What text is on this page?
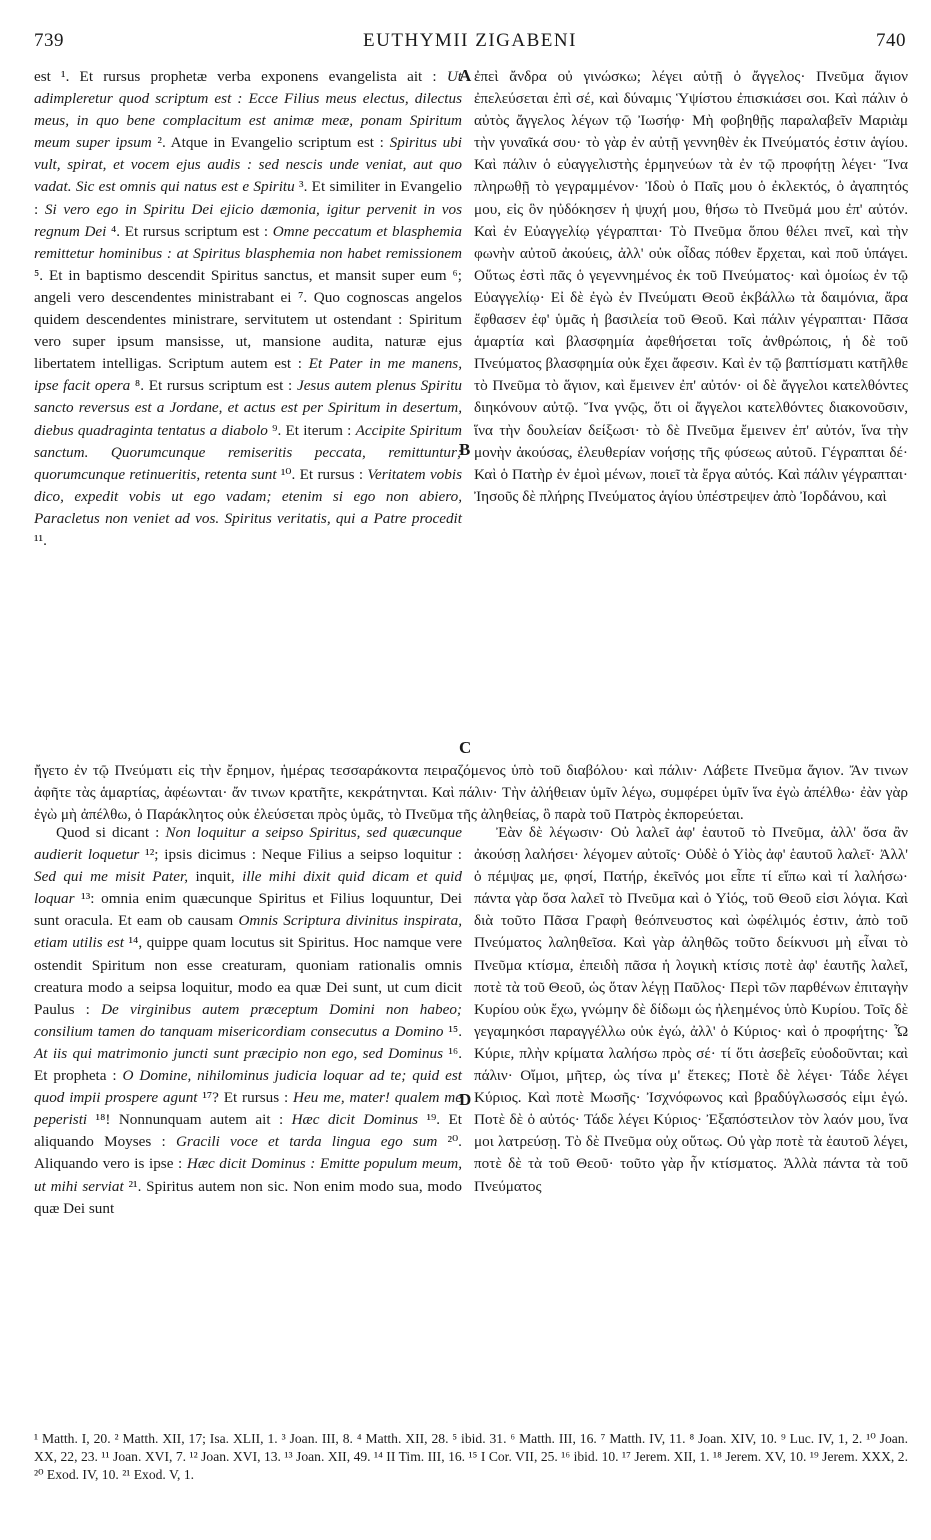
739	EUTHYMII ZIGABENI	740
A
B
C
D

est ¹. Et rursus prophetæ verba exponens evangelista ait : Ut adimpleretur quod scriptum est : Ecce Filius meus electus, dilectus meus, in quo bene complacitum est animæ meæ, ponam Spiritum meum super ipsum ². Atque in Evangelio scriptum est : Spiritus ubi vult, spirat, et vocem ejus audis : sed nescis unde veniat, aut quo vadat. Sic est omnis qui natus est e Spiritu ³. Et similiter in Evangelio : Si vero ego in Spiritu Dei ejicio dæmonia, igitur pervenit in vos regnum Dei ⁴. Et rursus scriptum est : Omne peccatum et blasphemia remittetur hominibus : at Spiritus blasphemia non habet remissionem ⁵. Et in baptismo descendit Spiritus sanctus, et mansit super eum ⁶; angeli vero descendentes ministrabant ei ⁷. Quo cognoscas angelos quidem descendentes ministrare, servitutem ut ostendant : Spiritum vero super ipsum mansisse, ut, mansione audita, naturæ ejus libertatem intelligas. Scriptum autem est : Et Pater in me manens, ipse facit opera ⁸. Et rursus scriptum est : Jesus autem plenus Spiritu sancto reversus est a Jordane, et actus est per Spiritum in desertum, diebus quadraginta tentatus a diabolo ⁹. Et iterum : Accipite Spiritum sanctum. Quorumcunque remiseritis peccata, remittuntur; quorumcunque retinueritis, retenta sunt ¹⁰. Et rursus : Veritatem vobis dico, expedit vobis ut ego vadam; etenim si ego non abiero, Paracletus non veniet ad vos. Spiritus veritatis, qui a Patre procedit ¹¹.

ἐπεὶ ἄνδρα οὐ γινώσκω; λέγει αὐτῇ ὁ ἄγγελος· Πνεῦμα ἅγιον ἐπελεύσεται ἐπὶ σέ, καὶ δύναμις Ὑψίστου ἐπισκιάσει σοι. Καὶ πάλιν ὁ αὐτὸς ἄγγελος λέγων τῷ Ἰωσήφ· Μὴ φοβηθῇς παραλαβεῖν Μαριὰμ τὴν γυναῖκά σου· τὸ γὰρ ἐν αὐτῇ γεννηθὲν ἐκ Πνεύματός ἐστιν ἁγίου. Καὶ πάλιν ὁ εὐαγγελιστὴς ἑρμηνεύων τὰ ἐν τῷ προφήτῃ λέγει· Ἵνα πληρωθῇ τὸ γεγραμμένον· Ἰδοὺ ὁ Παῖς μου ὁ ἐκλεκτός, ὁ ἀγαπητός μου, εἰς ὃν ηὐδόκησεν ἡ ψυχή μου, θήσω τὸ Πνεῦμά μου ἐπ' αὐτόν. Καὶ ἐν Εὐαγγελίῳ γέγραπται· Τὸ Πνεῦμα ὅπου θέλει πνεῖ, καὶ τὴν φωνὴν αὐτοῦ ἀκούεις, ἀλλ' οὐκ οἶδας πόθεν ἔρχεται, καὶ ποῦ ὑπάγει. Οὕτως ἐστὶ πᾶς ὁ γεγεννημένος ἐκ τοῦ Πνεύματος· καὶ ὁμοίως ἐν τῷ Εὐαγγελίῳ· Εἰ δὲ ἐγὼ ἐν Πνεύματι Θεοῦ ἐκβάλλω τὰ δαιμόνια, ἄρα ἔφθασεν ἐφ' ὑμᾶς ἡ βασιλεία τοῦ Θεοῦ. Καὶ πάλιν γέγραπται· Πᾶσα ἁμαρτία καὶ βλασφημία ἀφεθήσεται τοῖς ἀνθρώποις, ἡ δὲ τοῦ Πνεύματος βλασφημία οὐκ ἔχει ἄφεσιν. Καὶ ἐν τῷ βαπτίσματι κατῆλθε τὸ Πνεῦμα τὸ ἅγιον, καὶ ἔμεινεν ἐπ' αὐτόν· οἱ δὲ ἄγγελοι κατελθόντες διηκόνουν αὐτῷ. Ἵνα γνῷς, ὅτι οἱ ἄγγελοι κατελθόντες διακονοῦσιν, ἵνα τὴν δουλείαν δείξωσι· τὸ δὲ Πνεῦμα ἔμεινεν ἐπ' αὐτόν, ἵνα τὴν μονὴν ἀκούσας, ἐλευθερίαν νοήσῃς τῆς φύσεως αὐτοῦ. Γέγραπται δέ· Καὶ ὁ Πατὴρ ἐν ἐμοὶ μένων, ποιεῖ τὰ ἔργα αὐτός. Καὶ πάλιν γέγραπται· Ἰησοῦς δὲ πλήρης Πνεύματος ἁγίου ὑπέστρεψεν ἀπὸ Ἰορδάνου, καὶ

ἤγετο ἐν τῷ Πνεύματι εἰς τὴν ἔρημον, ἡμέρας τεσσαράκοντα πειραζόμενος ὑπὸ τοῦ διαβόλου· καὶ πάλιν· Λάβετε Πνεῦμα ἅγιον. Ἄν τινων ἀφῆτε τὰς ἁμαρτίας, ἀφέωνται· ἄν τινων κρατῆτε, κεκράτηνται. Καὶ πάλιν· Τὴν ἀλήθειαν ὑμῖν λέγω, συμφέρει ὑμῖν ἵνα ἐγὼ ἀπέλθω· ἐὰν γὰρ ἐγὼ μὴ ἀπέλθω, ὁ Παράκλητος οὐκ ἐλεύσεται πρὸς ὑμᾶς, τὸ Πνεῦμα τῆς ἀληθείας, ὃ παρὰ τοῦ Πατρὸς ἐκπορεύεται.

Quod si dicant : Non loquitur a seipso Spiritus, sed quæcunque audierit loquetur ¹²; ipsis dicimus : Neque Filius a seipso loquitur : Sed qui me misit Pater, inquit, ille mihi dixit quid dicam et quid loquar ¹³: omnia enim quæcunque Spiritus et Filius loquuntur, Dei sunt oracula. Et eam ob causam Omnis Scriptura divinitus inspirata, etiam utilis est ¹⁴, quippe quam locutus sit Spiritus. Hoc namque vere ostendit Spiritum non esse creaturam, quoniam rationalis omnis creatura modo a seipsa loquitur, modo ea quæ Dei sunt, ut cum dicit Paulus : De virginibus autem præceptum Domini non habeo; consilium tamen do tanquam misericordiam consecutus a Domino ¹⁵. At iis qui matrimonio juncti sunt præcipio non ego, sed Dominus ¹⁶. Et propheta : O Domine, nihilominus judicia loquar ad te; quid est quod impii prospere agunt ¹⁷? Et rursus : Heu me, mater! qualem me peperisti ¹⁸! Nonnunquam autem ait : Hæc dicit Dominus ¹⁹. Et aliquando Moyses : Gracili voce et tarda lingua ego sum ²⁰. Aliquando vero is ipse : Hæc dicit Dominus : Emitte populum meum, ut mihi serviat ²¹. Spiritus autem non sic. Non enim modo sua, modo quæ Dei sunt

Ἐὰν δὲ λέγωσιν· Οὐ λαλεῖ ἀφ' ἑαυτοῦ τὸ Πνεῦμα, ἀλλ' ὅσα ἂν ἀκούσῃ λαλήσει· λέγομεν αὐτοῖς· Οὐδὲ ὁ Υἱὸς ἀφ' ἑαυτοῦ λαλεῖ· Ἀλλ' ὁ πέμψας με, φησί, Πατήρ, ἐκεῖνός μοι εἶπε τί εἴπω καὶ τί λαλήσω· πάντα γὰρ ὅσα λαλεῖ τὸ Πνεῦμα καὶ ὁ Υἱός, τοῦ Θεοῦ εἰσι λόγια. Καὶ διὰ τοῦτο Πᾶσα Γραφὴ θεόπνευστος καὶ ὠφέλιμός ἐστιν, ἀπὸ τοῦ Πνεύματος λαληθεῖσα. Καὶ γὰρ ἀληθῶς τοῦτο δείκνυσι μὴ εἶναι τὸ Πνεῦμα κτίσμα, ἐπειδὴ πᾶσα ἡ λογικὴ κτίσις ποτὲ ἀφ' ἑαυτῆς λαλεῖ, ποτὲ τὰ τοῦ Θεοῦ, ὡς ὅταν λέγῃ Παῦλος· Περὶ τῶν παρθένων ἐπιταγὴν Κυρίου οὐκ ἔχω, γνώμην δὲ δίδωμι ὡς ἠλεημένος ὑπὸ Κυρίου. Τοῖς δὲ γεγαμηκόσι παραγγέλλω οὐκ ἐγώ, ἀλλ' ὁ Κύριος· καὶ ὁ προφήτης· Ὦ Κύριε, πλὴν κρίματα λαλήσω πρὸς σέ· τί ὅτι ἀσεβεῖς εὐοδοῦνται; καὶ πάλιν· Οἴμοι, μῆτερ, ὡς τίνα μ' ἔτεκες; Ποτὲ δὲ λέγει· Τάδε λέγει Κύριος. Καὶ ποτὲ Μωσῆς· Ἰσχνόφωνος καὶ βραδύγλωσσός εἰμι ἐγώ. Ποτὲ δὲ ὁ αὐτός· Τάδε λέγει Κύριος· Ἐξαπόστειλον τὸν λαόν μου, ἵνα μοι λατρεύσῃ. Τὸ δὲ Πνεῦμα οὐχ οὕτως. Οὐ γὰρ ποτὲ τὰ ἑαυτοῦ λέγει, ποτὲ δὲ τὰ τοῦ Θεοῦ· τοῦτο γὰρ ἦν κτίσματος. Ἀλλὰ πάντα τὰ τοῦ Πνεύματος

¹ Matth. I, 20. ² Matth. XII, 17; Isa. XLII, 1. ³ Joan. III, 8. ⁴ Matth. XII, 28. ⁵ ibid. 31. ⁶ Matth. III, 16. ⁷ Matth. IV, 11. ⁸ Joan. XIV, 10. ⁹ Luc. IV, 1, 2. ¹⁰ Joan. XX, 22, 23. ¹¹ Joan. XVI, 7. ¹² Joan. XVI, 13. ¹³ Joan. XII, 49. ¹⁴ II Tim. III, 16. ¹⁵ I Cor. VII, 25. ¹⁶ ibid. 10. ¹⁷ Jerem. XII, 1. ¹⁸ Jerem. XV, 10. ¹⁹ Jerem. XXX, 2. ²⁰ Exod. IV, 10. ²¹ Exod. V, 1.
